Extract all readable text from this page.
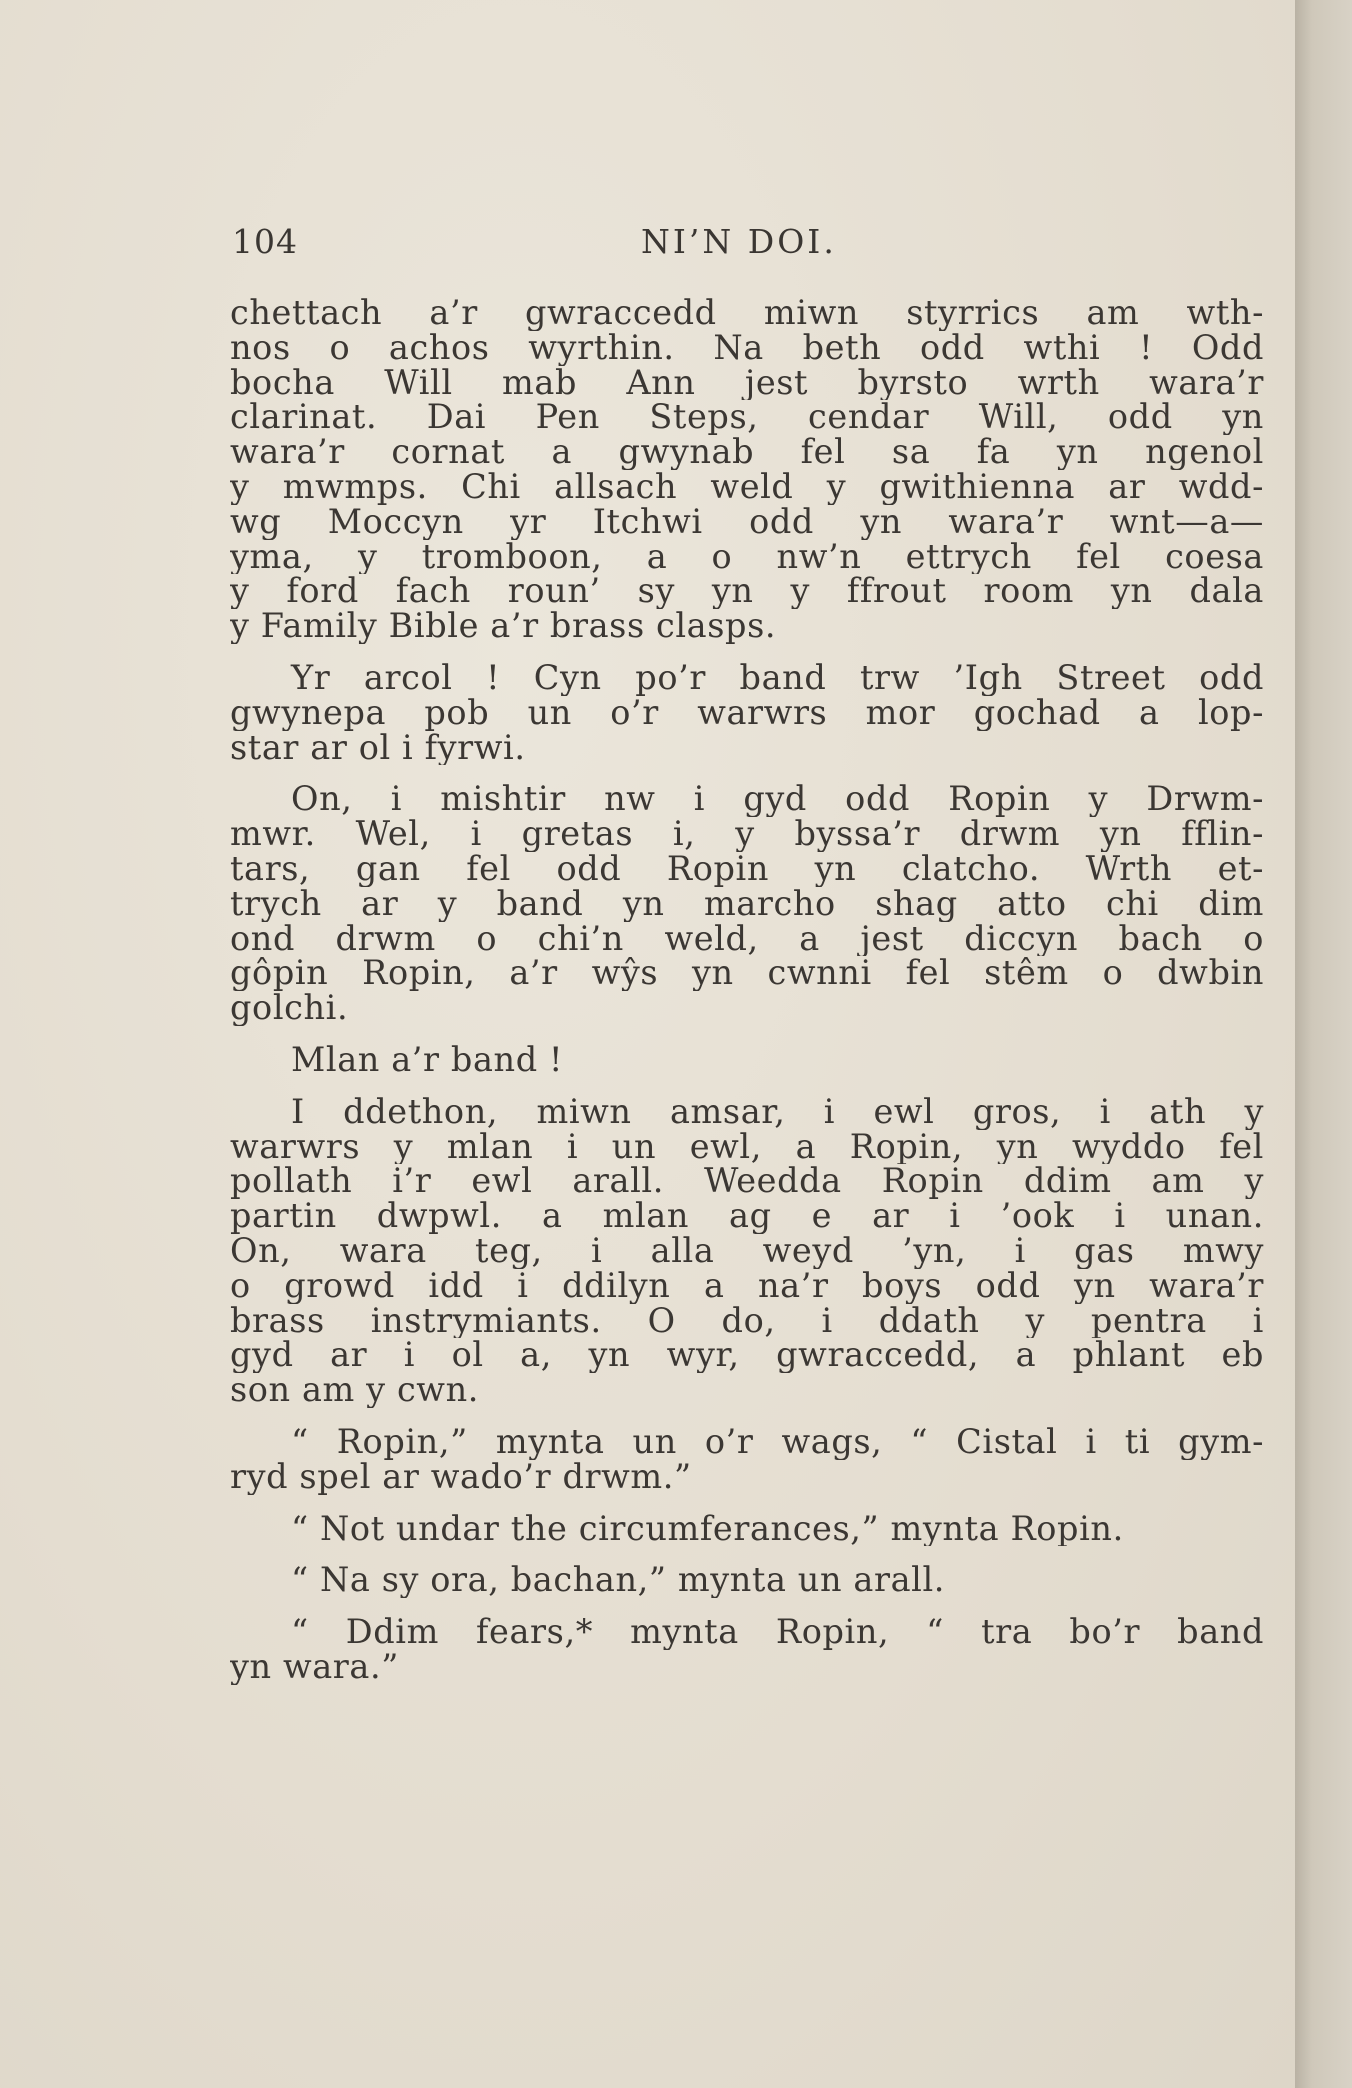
104	NI’N DOI.
chettach a’r gwraccedd miwn styrrics am wth-
nos o achos wyrthin. Na beth odd wthi ! Odd
bocha Will mab Ann jest byrsto wrth wara’r
clarinat. Dai Pen Steps, cendar Will, odd yn
wara’r cornat a gwynab fel sa fa yn ngenol
y mwmps. Chi allsach weld y gwithienna ar wdd-
wg Moccyn yr Itchwi odd yn wara’r wnt—a—
yma, y tromboon, a o nw’n ettrych fel coesa
y ford fach roun’ sy yn y ffrout room yn dala
y Family Bible a’r brass clasps.
Yr arcol ! Cyn po’r band trw ’Igh Street odd
gwynepa pob un o’r warwrs mor gochad a lop-
star ar ol i fyrwi.
On, i mishtir nw i gyd odd Ropin y Drwm-
mwr. Wel, i gretas i, y byssa’r drwm yn fflin-
tars, gan fel odd Ropin yn clatcho. Wrth et-
trych ar y band yn marcho shag atto chi dim
ond drwm o chi’n weld, a jest diccyn bach o
gôpin Ropin, a’r wŷs yn cwnni fel stêm o dwbin
golchi.
Mlan a’r band !
I ddethon, miwn amsar, i ewl gros, i ath y
warwrs y mlan i un ewl, a Ropin, yn wyddo fel
pollath i’r ewl arall. Weedda Ropin ddim am y
partin dwpwl. a mlan ag e ar i ’ook i unan.
On, wara teg, i alla weyd ’yn, i gas mwy
o growd idd i ddilyn a na’r boys odd yn wara’r
brass instrymiants. O do, i ddath y pentra i
gyd ar i ol a, yn wyr, gwraccedd, a phlant eb
son am y cwn.
“ Ropin,” mynta un o’r wags, “ Cistal i ti gym-
ryd spel ar wado’r drwm.”
“ Not undar the circumferances,” mynta Ropin.
“ Na sy ora, bachan,” mynta un arall.
“ Ddim fears,* mynta Ropin, “ tra bo’r band
yn wara.”
